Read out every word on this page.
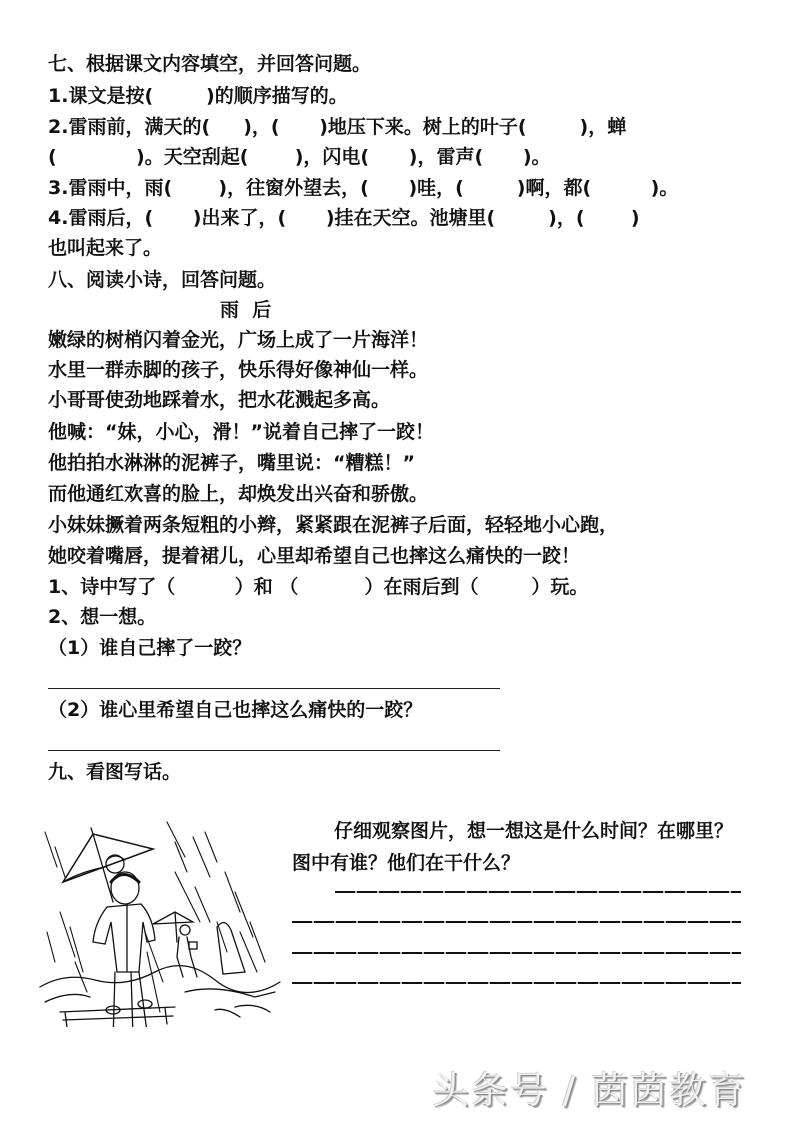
七、根据课文内容填空，并回答问题。
1.课文是按(        )的顺序描写的。
2.雷雨前，满天的(     )，(      )地压下来。树上的叶子(        )，蝉
(            )。天空刮起(       )，闪电(      )，雷声(      )。
3.雷雨中，雨(       )，往窗外望去，(      )哇，(        )啊，都(         )。
4.雷雨后，(      )出来了，(      )挂在天空。池塘里(        )，(       )
也叫起来了。
八、阅读小诗，回答问题。
雨  后
嫩绿的树梢闪着金光，广场上成了一片海洋！
水里一群赤脚的孩子，快乐得好像神仙一样。
小哥哥使劲地踩着水，把水花溅起多高。
他喊：“妹，小心，滑！”说着自己摔了一跤！
他拍拍水淋淋的泥裤子，嘴里说：“糟糕！”
而他通红欢喜的脸上，却焕发出兴奋和骄傲。
小妹妹撅着两条短粗的小辫，紧紧跟在泥裤子后面，轻轻地小心跑，
她咬着嘴唇，提着裙儿，心里却希望自己也摔这么痛快的一跤！
1、诗中写了（         ）和 （          ）在雨后到（        ）玩。
2、想一想。
（1）谁自己摔了一跤？
（2）谁心里希望自己也摔这么痛快的一跤？
九、看图写话。
仔细观察图片，想一想这是什么时间？在哪里？图中有谁？他们在干什么？
头条号 / 茵茵教育
